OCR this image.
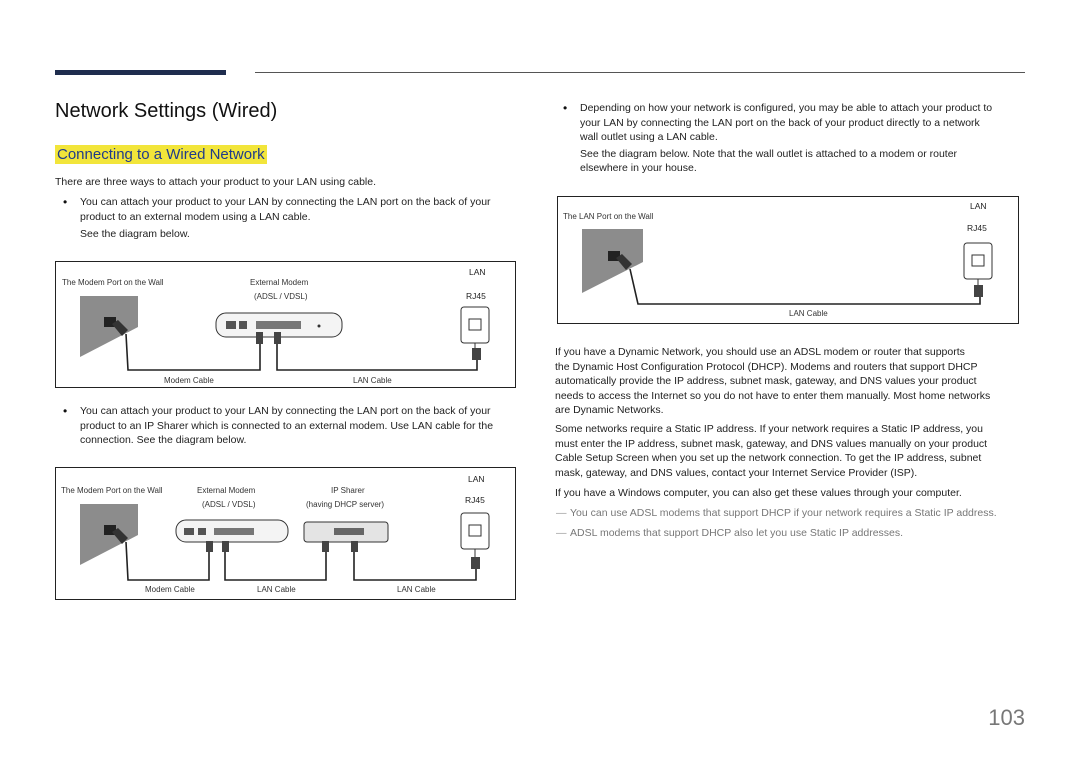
Network Settings (Wired)
Connecting to a Wired Network
There are three ways to attach your product to your LAN using cable.
• You can attach your product to your LAN by connecting the LAN port on the back of your
product to an external modem using a LAN cable.
See the diagram below.
The Modem Port on the Wall	External Modem
(ADSL / VDSL)
LAN
RJ45
Modem Cable	LAN Cable
• You can attach your product to your LAN by connecting the LAN port on the back of your
product to an IP Sharer which is connected to an external modem. Use LAN cable for the
connection. See the diagram below.
The Modem Port on the Wall	External Modem
(ADSL / VDSL)
IP Sharer
(having DHCP server)
LAN
RJ45
Modem Cable	LAN Cable	LAN Cable
• Depending on how your network is configured, you may be able to attach your product to
your LAN by connecting the LAN port on the back of your product directly to a network
wall outlet using a LAN cable.
See the diagram below. Note that the wall outlet is attached to a modem or router
elsewhere in your house.
The LAN Port on the Wall
LAN
RJ45
LAN Cable
If you have a Dynamic Network, you should use an ADSL modem or router that supports
the Dynamic Host Configuration Protocol (DHCP). Modems and routers that support DHCP
automatically provide the IP address, subnet mask, gateway, and DNS values your product
needs to access the Internet so you do not have to enter them manually. Most home networks
are Dynamic Networks.
Some networks require a Static IP address. If your network requires a Static IP address, you
must enter the IP address, subnet mask, gateway, and DNS values manually on your product
Cable Setup Screen when you set up the network connection. To get the IP address, subnet
mask, gateway, and DNS values, contact your Internet Service Provider (ISP).
If you have a Windows computer, you can also get these values through your computer.
― You can use ADSL modems that support DHCP if your network requires a Static IP address.
― ADSL modems that support DHCP also let you use Static IP addresses.
103
